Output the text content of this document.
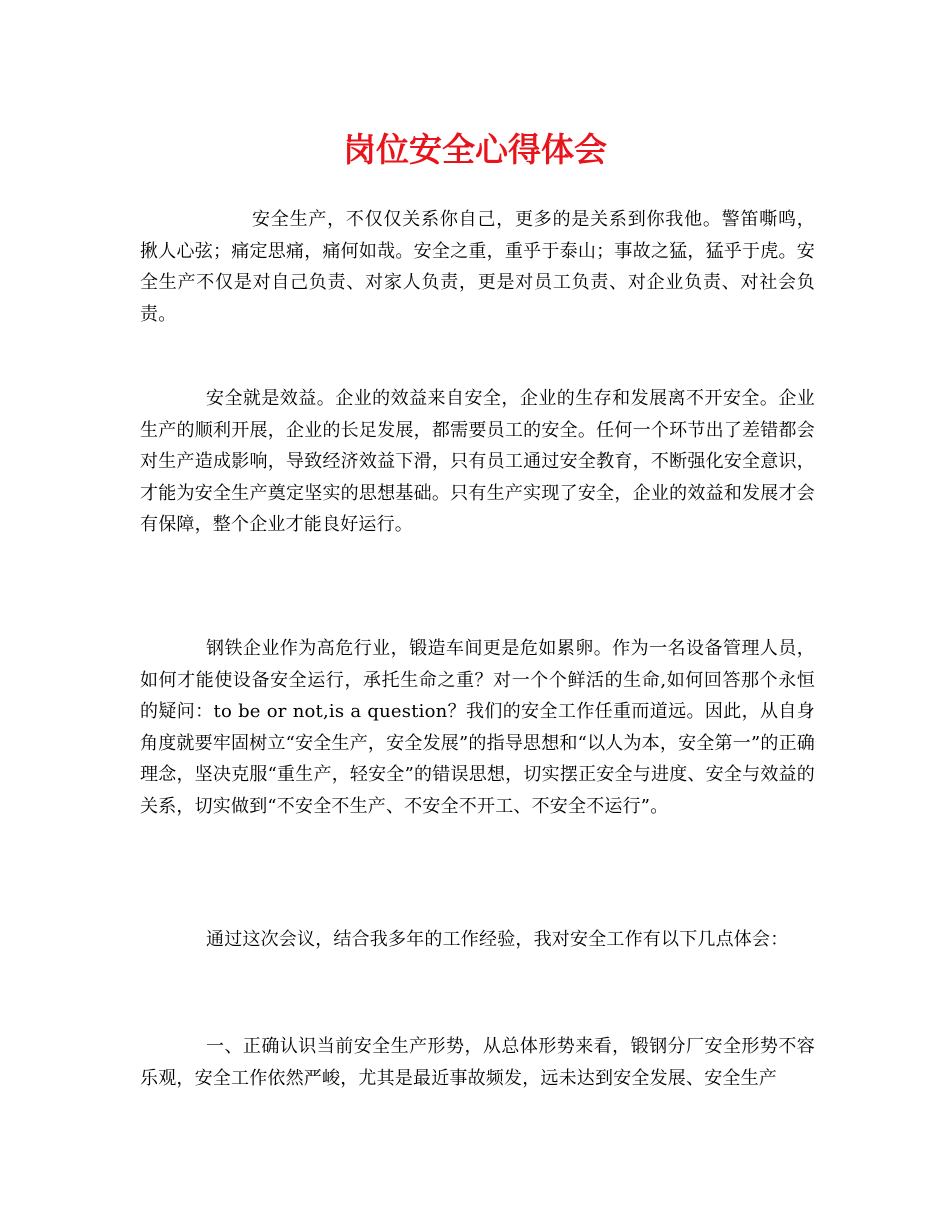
岗位安全心得体会

安全生产，不仅仅关系你自己，更多的是关系到你我他。警笛嘶鸣，揪人心弦；痛定思痛，痛何如哉。安全之重，重乎于泰山；事故之猛，猛乎于虎。安全生产不仅是对自己负责、对家人负责，更是对员工负责、对企业负责、对社会负责。

安全就是效益。企业的效益来自安全，企业的生存和发展离不开安全。企业生产的顺利开展，企业的长足发展，都需要员工的安全。任何一个环节出了差错都会对生产造成影响，导致经济效益下滑，只有员工通过安全教育，不断强化安全意识，才能为安全生产奠定坚实的思想基础。只有生产实现了安全，企业的效益和发展才会有保障，整个企业才能良好运行。

钢铁企业作为高危行业，锻造车间更是危如累卵。作为一名设备管理人员，如何才能使设备安全运行，承托生命之重？对一个个鲜活的生命,如何回答那个永恒的疑问：to be or not,is a question？我们的安全工作任重而道远。因此，从自身角度就要牢固树立“安全生产，安全发展”的指导思想和“以人为本，安全第一”的正确理念，坚决克服“重生产，轻安全”的错误思想，切实摆正安全与进度、安全与效益的关系，切实做到“不安全不生产、不安全不开工、不安全不运行”。

通过这次会议，结合我多年的工作经验，我对安全工作有以下几点体会：

一、正确认识当前安全生产形势，从总体形势来看，锻钢分厂安全形势不容乐观，安全工作依然严峻，尤其是最近事故频发，远未达到安全发展、安全生产
